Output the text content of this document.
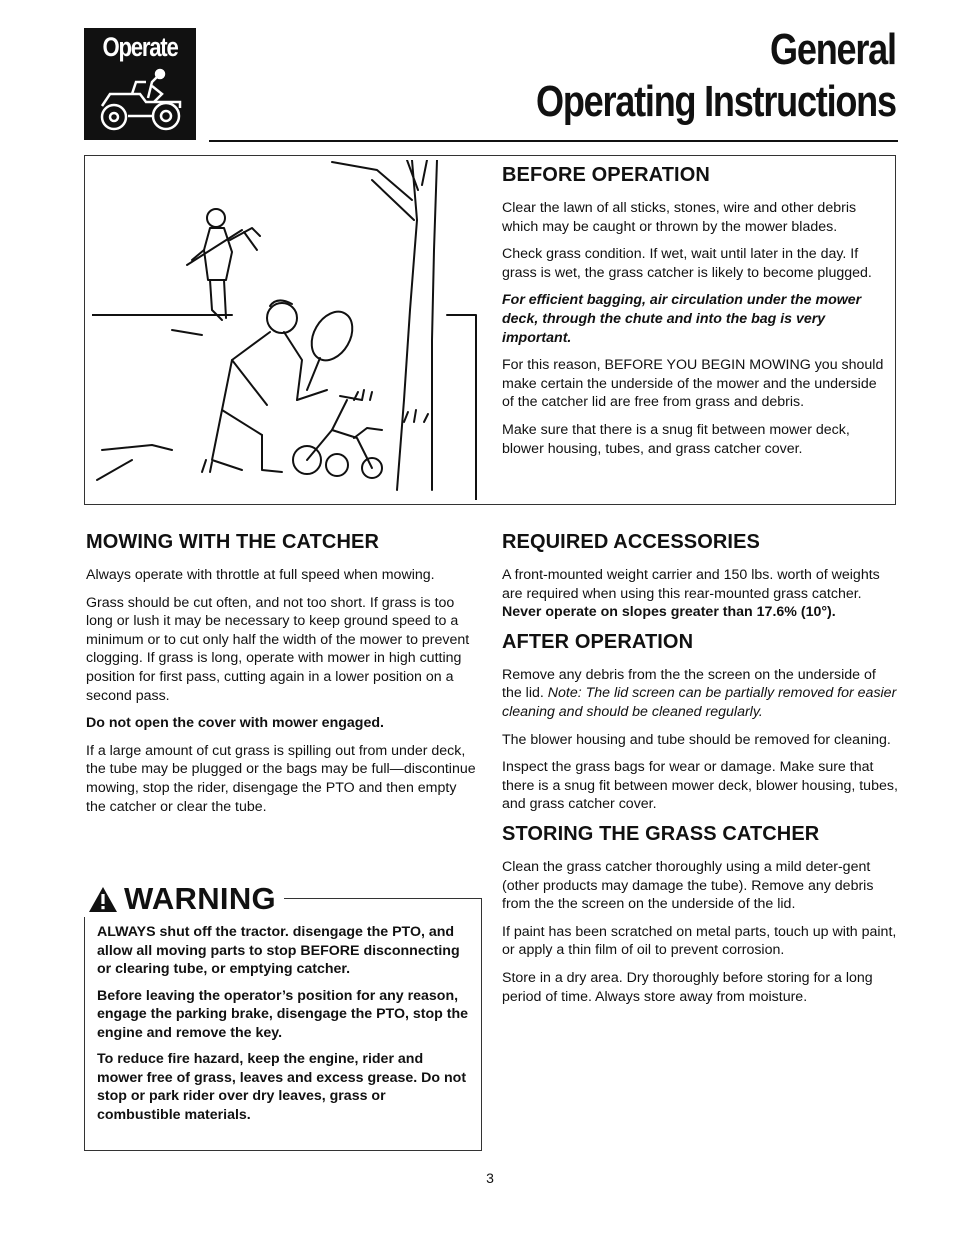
Operate	General
Operating Instructions
BEFORE OPERATION

Clear the lawn of all sticks, stones, wire and other debris which may be caught or thrown by the mower blades.

Check grass condition. If wet, wait until later in the day. If grass is wet, the grass catcher is likely to become plugged.

For efficient bagging, air circulation under the mower deck, through the chute and into the bag is very important.

For this reason, BEFORE YOU BEGIN MOWING you should make certain the underside of the mower and the underside of the catcher lid are free from grass and debris.

Make sure that there is a snug fit between mower deck, blower housing, tubes, and grass catcher cover.

MOWING WITH THE CATCHER

Always operate with throttle at full speed when mowing.

Grass should be cut often, and not too short. If grass is too long or lush it may be necessary to keep ground speed to a minimum or to cut only half the width of the mower to prevent clogging. If grass is long, operate with mower in high cutting position for first pass, cutting again in a lower position on a second pass.

Do not open the cover with mower engaged.

If a large amount of cut grass is spilling out from under deck, the tube may be plugged or the bags may be full—discontinue mowing, stop the rider, disengage the PTO and then empty the catcher or clear the tube.

WARNING

ALWAYS shut off the tractor. disengage the PTO, and allow all moving parts to stop BEFORE disconnecting or clearing tube, or emptying catcher.

Before leaving the operator’s position for any reason, engage the parking brake, disengage the PTO, stop the engine and remove the key.

To reduce fire hazard, keep the engine, rider and mower free of grass, leaves and excess grease. Do not stop or park rider over dry leaves, grass or combustible materials.

REQUIRED ACCESSORIES

A front-mounted weight carrier and 150 lbs. worth of weights are required when using this rear-mounted grass catcher. Never operate on slopes greater than 17.6% (10°).

AFTER OPERATION

Remove any debris from the the screen on the underside of the lid. Note: The lid screen can be partially removed for easier cleaning and should be cleaned regularly.

The blower housing and tube should be removed for cleaning.

Inspect the grass bags for wear or damage. Make sure that there is a snug fit between mower deck, blower housing, tubes, and grass catcher cover.

STORING THE GRASS CATCHER

Clean the grass catcher thoroughly using a mild deter-gent (other products may damage the tube). Remove any debris from the the screen on the underside of the lid.

If paint has been scratched on metal parts, touch up with paint, or apply a thin film of oil to prevent corrosion.

Store in a dry area. Dry thoroughly before storing for a long period of time. Always store away from moisture.

3
